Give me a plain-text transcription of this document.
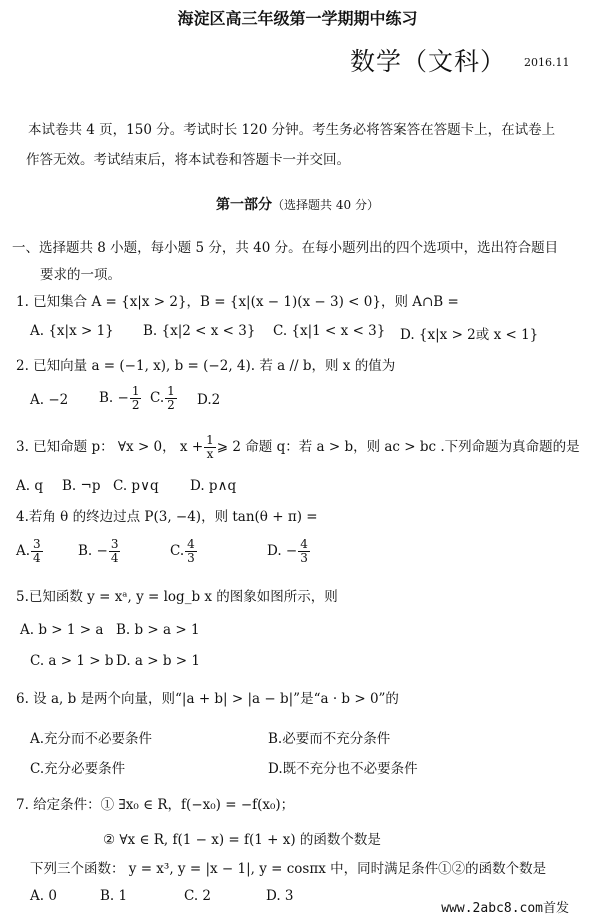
海淀区高三年级第一学期期中练习
数学（文科） 2016.11
本试卷共 4 页，150 分。考试时长 120 分钟。考生务必将答案答在答题卡上，在试卷上作答无效。考试结束后，将本试卷和答题卡一并交回。
第一部分（选择题共 40 分）
一、选择题共 8 小题，每小题 5 分，共 40 分。在每小题列出的四个选项中，选出符合题目
要求的一项。
1. 已知集合 A = {x|x > 2}，B = {x|(x − 1)(x − 3) < 0}，则 A∩B =
A. {x|x > 1} B. {x|2 < x < 3} C. {x|1 < x < 3} D. {x|x > 2或 x < 1}
2. 已知向量 a = (−1, x), b = (−2, 4). 若 a // b，则 x 的值为
A. −2 B. − $\frac{1}{2} C$. $\frac{1}{2} D.2$
3. 已知命题 p： ∀x > 0， $x + \frac{1}{x}$ ⩾ 2 命题 q：若 a > b，则 ac > bc .下列命题为真命题的是
A. q B. ¬p C. p∨q D. p∧q
4.若角 θ 的终边过点 P(3, −4)，则 tan(θ + π) =
A. $\frac{3}{4}$	B. − $\frac{3}{4}$	C. $\frac{4}{3}$	D. − $\frac{4}{3}$
5.已知函数 y = xᵃ, y = log_b x 的图象如图所示，则
A. b > 1 > a B. b > a > 1
C. a > 1 > b D. a > b > 1
6. 设 a, b 是两个向量，则“|a + b| > |a − b|”是“a · b > 0”的
A.充分而不必要条件	B.必要而不充分条件
C.充分必要条件	D.既不充分也不必要条件
7. 给定条件：① ∃x₀ ∈ R，f(−x₀) = −f(x₀)；
② ∀x ∈ R, f(1 − x) = f(1 + x) 的函数个数是
下列三个函数： y = x³, y = |x − 1|, y = cosπx 中，同时满足条件①②的函数个数是
A. 0	B. 1	C. 2	D. 3
www.2abc8.com首发
